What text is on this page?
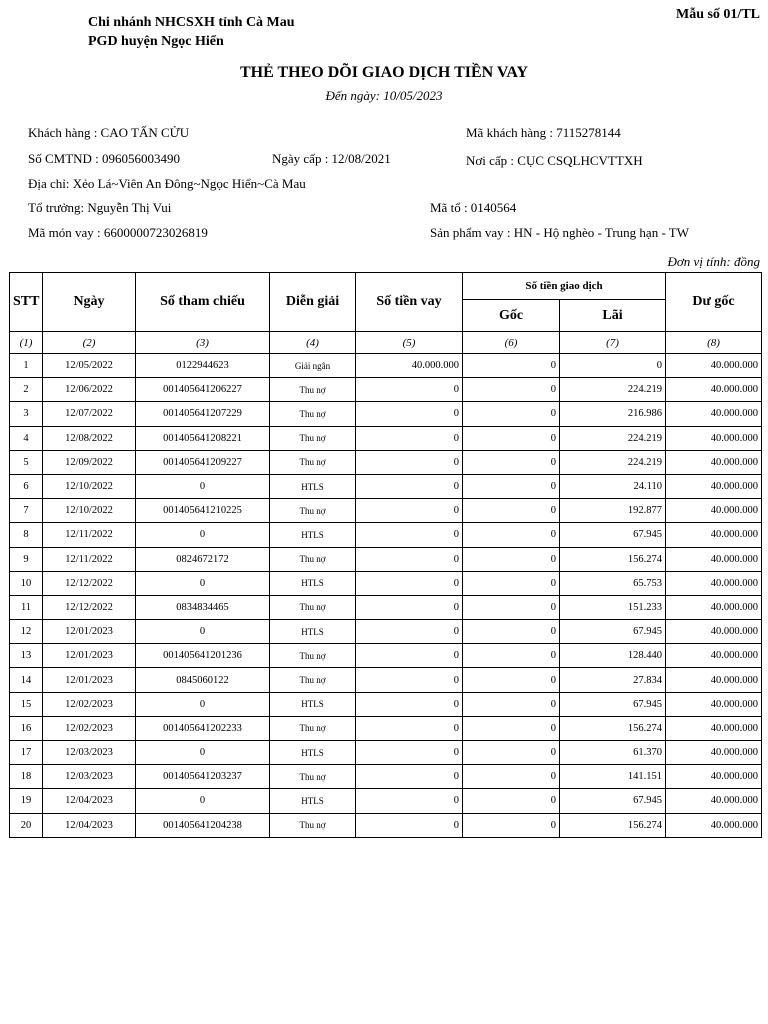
Chi nhánh NHCSXH tỉnh Cà Mau
PGD huyện Ngọc Hiển
Mẫu số 01/TL
THẺ THEO DÕI GIAO DỊCH TIỀN VAY
Đến ngày: 10/05/2023
Khách hàng : CAO TẤN CỬU	Mã khách hàng : 7115278144
Số CMTND : 096056003490	Ngày cấp : 12/08/2021	Nơi cấp : CỤC CSQLHCVTTXH
Địa chỉ: Xẻo Lá~Viên An Đông~Ngọc Hiển~Cà Mau
Tổ trưởng: Nguyễn Thị Vui	Mã tổ : 0140564
Mã món vay : 6600000723026819	Sản phẩm vay : HN - Hộ nghèo - Trung hạn - TW
Đơn vị tính: đồng
STT	Ngày	Số tham chiếu	Diễn giải	Số tiền vay	Số tiền giao dịch		Dư gốc
					Gốc	Lãi	
(1)	(2)	(3)	(4)	(5)	(6)	(7)	(8)
1	12/05/2022	0122944623	Giải ngân	40.000.000	0	0	40.000.000
2	12/06/2022	001405641206227	Thu nợ	0	0	224.219	40.000.000
3	12/07/2022	001405641207229	Thu nợ	0	0	216.986	40.000.000
4	12/08/2022	001405641208221	Thu nợ	0	0	224.219	40.000.000
5	12/09/2022	001405641209227	Thu nợ	0	0	224.219	40.000.000
6	12/10/2022	0	HTLS	0	0	24.110	40.000.000
7	12/10/2022	001405641210225	Thu nợ	0	0	192.877	40.000.000
8	12/11/2022	0	HTLS	0	0	67.945	40.000.000
9	12/11/2022	0824672172	Thu nợ	0	0	156.274	40.000.000
10	12/12/2022	0	HTLS	0	0	65.753	40.000.000
11	12/12/2022	0834834465	Thu nợ	0	0	151.233	40.000.000
12	12/01/2023	0	HTLS	0	0	67.945	40.000.000
13	12/01/2023	001405641201236	Thu nợ	0	0	128.440	40.000.000
14	12/01/2023	0845060122	Thu nợ	0	0	27.834	40.000.000
15	12/02/2023	0	HTLS	0	0	67.945	40.000.000
16	12/02/2023	001405641202233	Thu nợ	0	0	156.274	40.000.000
17	12/03/2023	0	HTLS	0	0	61.370	40.000.000
18	12/03/2023	001405641203237	Thu nợ	0	0	141.151	40.000.000
19	12/04/2023	0	HTLS	0	0	67.945	40.000.000
20	12/04/2023	001405641204238	Thu nợ	0	0	156.274	40.000.000
